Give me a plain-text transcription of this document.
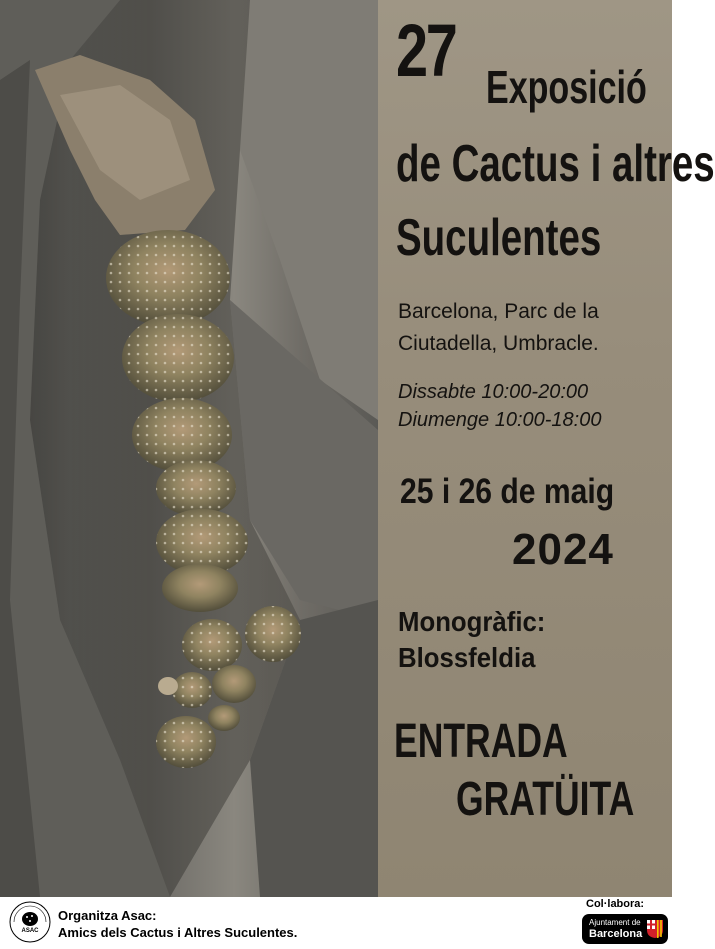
27 Exposició
de Cactus i altres
Suculentes
Barcelona, Parc de la
Ciutadella, Umbracle.
Dissabte 10:00-20:00
Diumenge 10:00-18:00
25 i 26 de maig
2024
Monogràfic:
Blossfeldia
ENTRADA
GRATÜITA
ASAC
Organitza Asac:
Amics dels Cactus i Altres Suculentes.
Col·labora:
Ajuntament de
Barcelona
